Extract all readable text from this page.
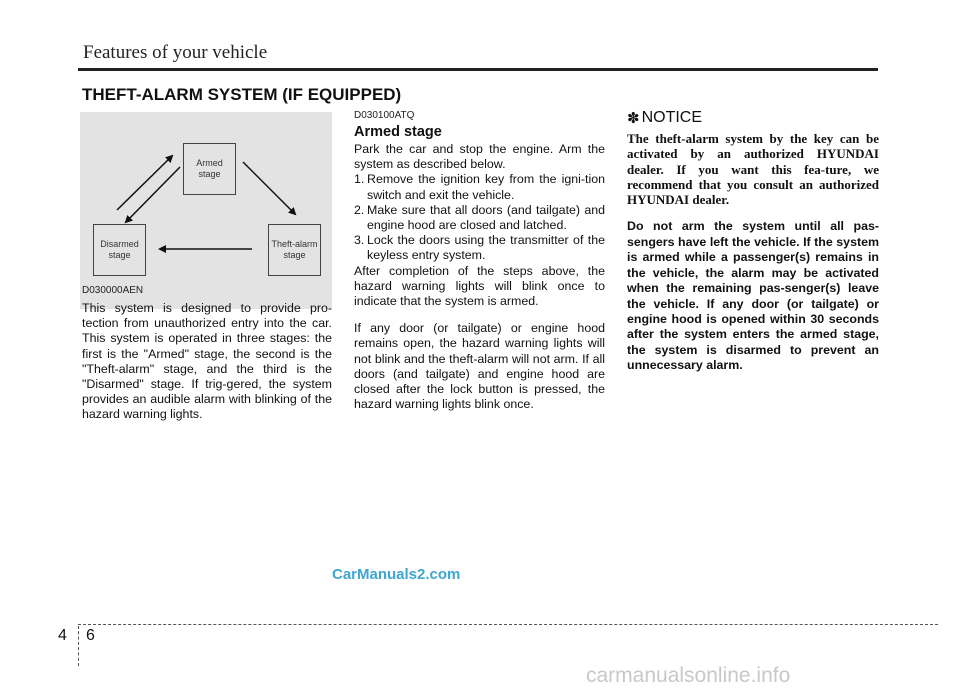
Features of your vehicle
THEFT-ALARM SYSTEM (IF EQUIPPED)
Armed stage
Disarmed stage
Theft-alarm stage
D030000AEN
This system is designed to provide pro-tection from unauthorized entry into the car. This system is operated in three stages: the first is the "Armed" stage, the second is the "Theft-alarm" stage, and the third is the "Disarmed" stage. If trig-gered, the system provides an audible alarm with blinking of the hazard warning lights.
D030100ATQ
Armed stage
Park the car and stop the engine. Arm the system as described below.
1. Remove the ignition key from the igni-tion switch and exit the vehicle.
2. Make sure that all doors (and tailgate) and engine hood are closed and latched.
3. Lock the doors using the transmitter of the keyless entry system.
After completion of the steps above, the hazard warning lights will blink once to indicate that the system is armed.
If any door (or tailgate) or engine hood remains open, the hazard warning lights will not blink and the theft-alarm will not arm. If all doors (and tailgate) and engine hood are closed after the lock button is pressed, the hazard warning lights blink once.
✽ NOTICE
The theft-alarm system by the key can be activated by an authorized HYUNDAI dealer. If you want this fea-ture, we recommend that you consult an authorized HYUNDAI dealer.
Do not arm the system until all pas-sengers have left the vehicle. If the system is armed while a passenger(s) remains in the vehicle, the alarm may be activated when the remaining pas-senger(s) leave the vehicle. If any door (or tailgate) or engine hood is opened within 30 seconds after the system enters the armed stage, the system is disarmed to prevent an unnecessary alarm.
CarManuals2.com
4 6
carmanualsonline.info
